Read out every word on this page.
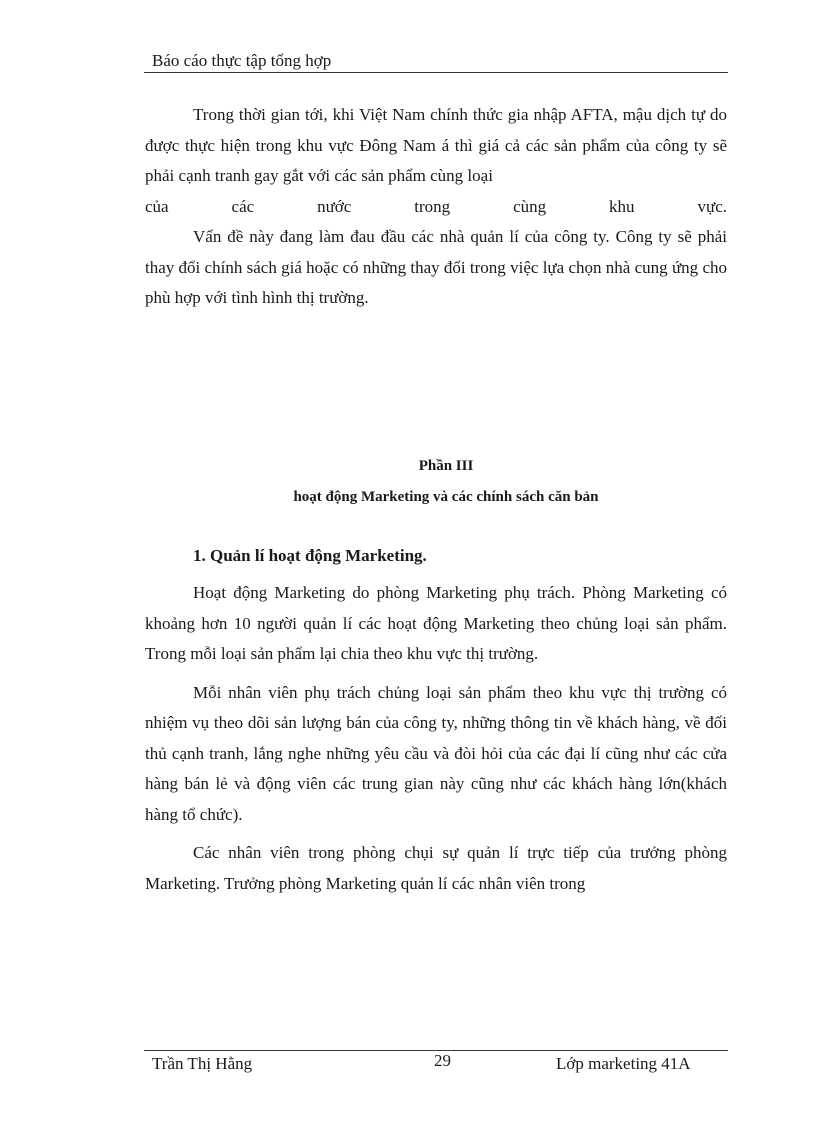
Báo cáo thực tập tổng hợp

Trong thời gian tới, khi Việt Nam chính thức gia nhập AFTA, mậu dịch tự do được thực hiện trong khu vực Đông Nam á thì giá cả các sản phẩm của công ty sẽ phải cạnh tranh gay gắt với các sản phẩm cùng loại

của các nước trong cùng khu vực.

Vấn đề này đang làm đau đầu các nhà quản lí của công ty. Công ty sẽ phải thay đổi chính sách giá hoặc có những thay đổi trong việc lựa chọn nhà cung ứng cho phù hợp với tình hình thị trường.

Phần III
hoạt động Marketing và các chính sách căn bản
1. Quản lí hoạt động Marketing.

Hoạt động Marketing do phòng Marketing phụ trách. Phòng Marketing có khoảng hơn 10 người quản lí các hoạt động Marketing theo chủng loại sản phẩm. Trong mỗi loại sản phẩm lại chia theo khu vực thị trường.

Mỗi nhân viên phụ trách chủng loại sản phẩm theo khu vực thị trường có nhiệm vụ theo dõi sản lượng bán của công ty, những thông tin về khách hàng, về đối thủ cạnh tranh, lắng nghe những yêu cầu và đòi hỏi của các đại lí cũng như các cửa hàng bán lẻ và động viên các trung gian này cũng như các khách hàng lớn(khách hàng tổ chức).

Các nhân viên trong phòng chụi sự quản lí trực tiếp của trưởng phòng Marketing. Trưởng phòng Marketing quản lí các nhân viên trong

Trần Thị Hằng	29	Lớp marketing 41A
